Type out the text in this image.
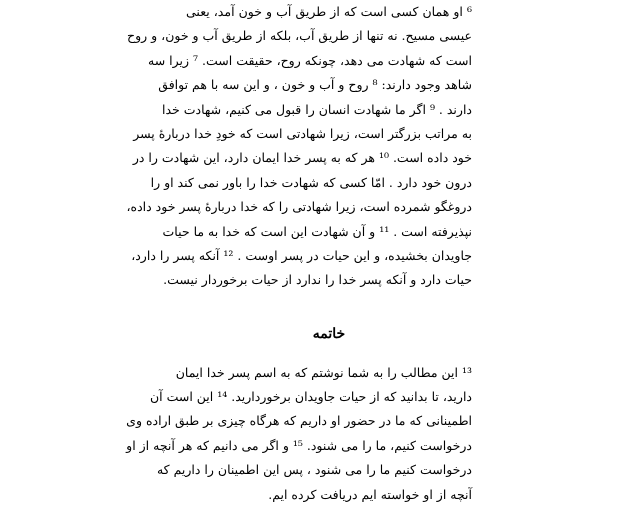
⁶ او همان کسی است که از طریق آب و خون آمد، یعنی
عیسی مسیح. نه تنها از طریق آب، بلکه از طریق آب و خون، و روح
است که شهادت می دهد، چونکه روح، حقیقت است. ⁷ زیرا سه
شاهد وجود دارند: ⁸ روح و آب و خون ، و این سه با هم توافق
دارند . ⁹ اگر ما شهادت انسان را قبول می کنیم، شهادت خدا
به مراتب بزرگتر است، زیرا شهادتی است که خودِ خدا دربارهٔ پسر
خود داده است. ¹⁰ هر که به پسر خدا ایمان دارد، این شهادت را در
درون خود دارد . امّا کسی که شهادت خدا را باور نمی کند او را
دروغگو شمرده است، زیرا شهادتی را که خدا دربارهٔ پسر خود داده،
نپذیرفته است . ¹¹ و آن شهادت این است که خدا به ما حیات
جاویدان بخشیده، و این حیات در پسر اوست . ¹² آنکه پسر را دارد،
حیات دارد و آنکه پسر خدا را ندارد از حیات برخوردار نیست.
خاتمه
¹³ این مطالب را به شما نوشتم که به اسم پسر خدا ایمان
دارید، تا بدانید که از حیات جاویدان برخوردارید. ¹⁴ این است آن
اطمینانی که ما در حضور او داریم که هرگاه چیزی بر طبق اراده وی
درخواست کنیم، ما را می شنود. ¹⁵ و اگر می دانیم که هر آنچه از او
درخواست کنیم ما را می شنود ، پس این اطمینان را داریم که
آنچه از او خواسته ایم دریافت کرده ایم.
